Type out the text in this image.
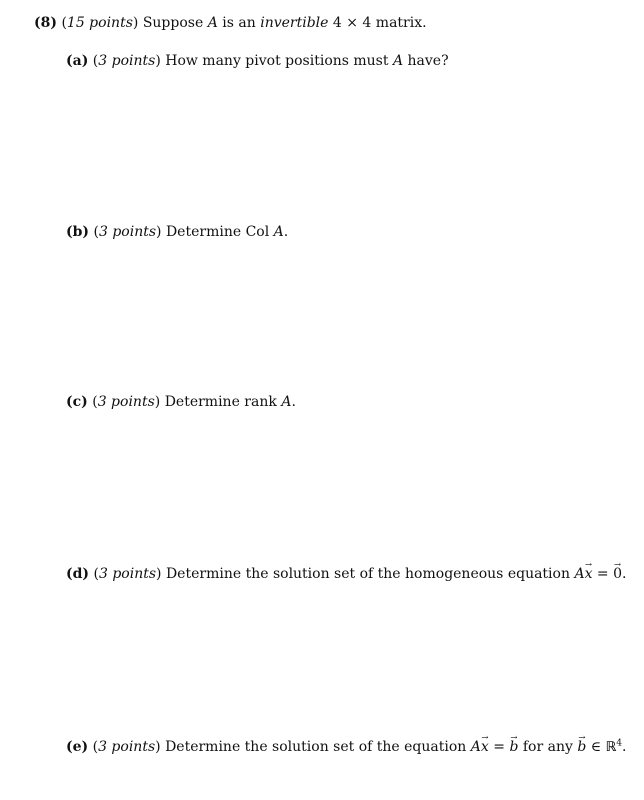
(8) (15 points) Suppose A is an invertible 4 × 4 matrix.
(a) (3 points) How many pivot positions must A have?
(b) (3 points) Determine Col A.
(c) (3 points) Determine rank A.
(d) (3 points) Determine the solution set of the homogeneous equation A→ x = → 0.
(e) (3 points) Determine the solution set of the equation A→ x = → b for any → b ∈ ℝ$^4$.
